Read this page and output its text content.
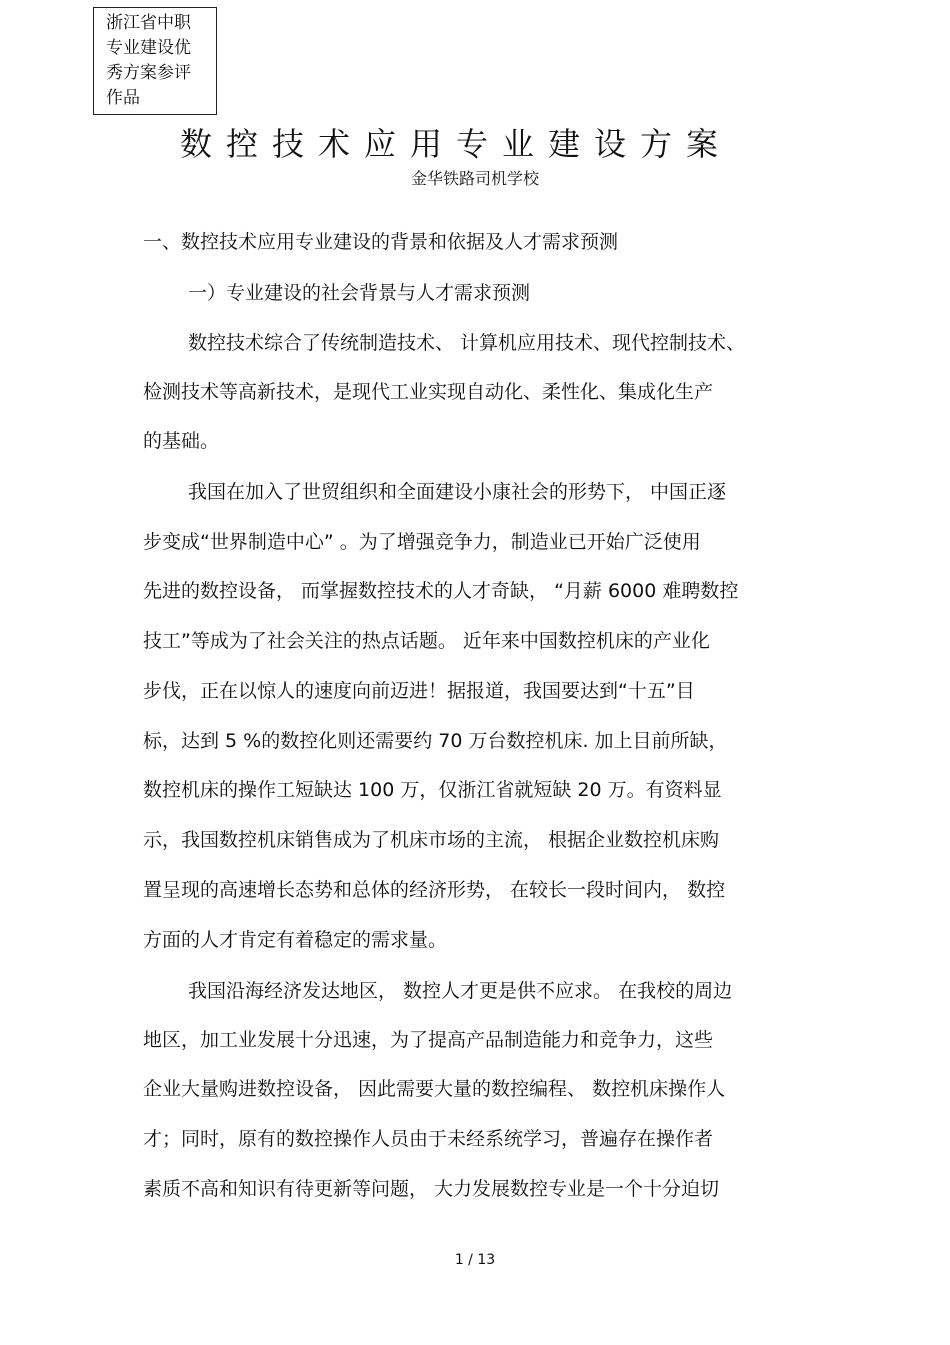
浙江省中职
专业建设优
秀方案参评
作品
数控技术应用专业建设方案
金华铁路司机学校
一、数控技术应用专业建设的背景和依据及人才需求预测
一）专业建设的社会背景与人才需求预测
数控技术综合了传统制造技术、 计算机应用技术、现代控制技术、
检测技术等高新技术，是现代工业实现自动化、柔性化、集成化生产
的基础。
我国在加入了世贸组织和全面建设小康社会的形势下， 中国正逐
步变成“世界制造中心” 。为了增强竞争力，制造业已开始广泛使用
先进的数控设备， 而掌握数控技术的人才奇缺， “月薪 6000 难聘数控
技工”等成为了社会关注的热点话题。 近年来中国数控机床的产业化
步伐，正在以惊人的速度向前迈进！据报道，我国要达到“十五”目
标，达到 5 %的数控化则还需要约 70 万台数控机床. 加上目前所缺，
数控机床的操作工短缺达 100 万，仅浙江省就短缺 20 万。有资料显
示，我国数控机床销售成为了机床市场的主流， 根据企业数控机床购
置呈现的高速增长态势和总体的经济形势， 在较长一段时间内， 数控
方面的人才肯定有着稳定的需求量。
我国沿海经济发达地区， 数控人才更是供不应求。 在我校的周边
地区，加工业发展十分迅速，为了提高产品制造能力和竞争力，这些
企业大量购进数控设备， 因此需要大量的数控编程、 数控机床操作人
才；同时，原有的数控操作人员由于未经系统学习，普遍存在操作者
素质不高和知识有待更新等问题， 大力发展数控专业是一个十分迫切
1 / 13
